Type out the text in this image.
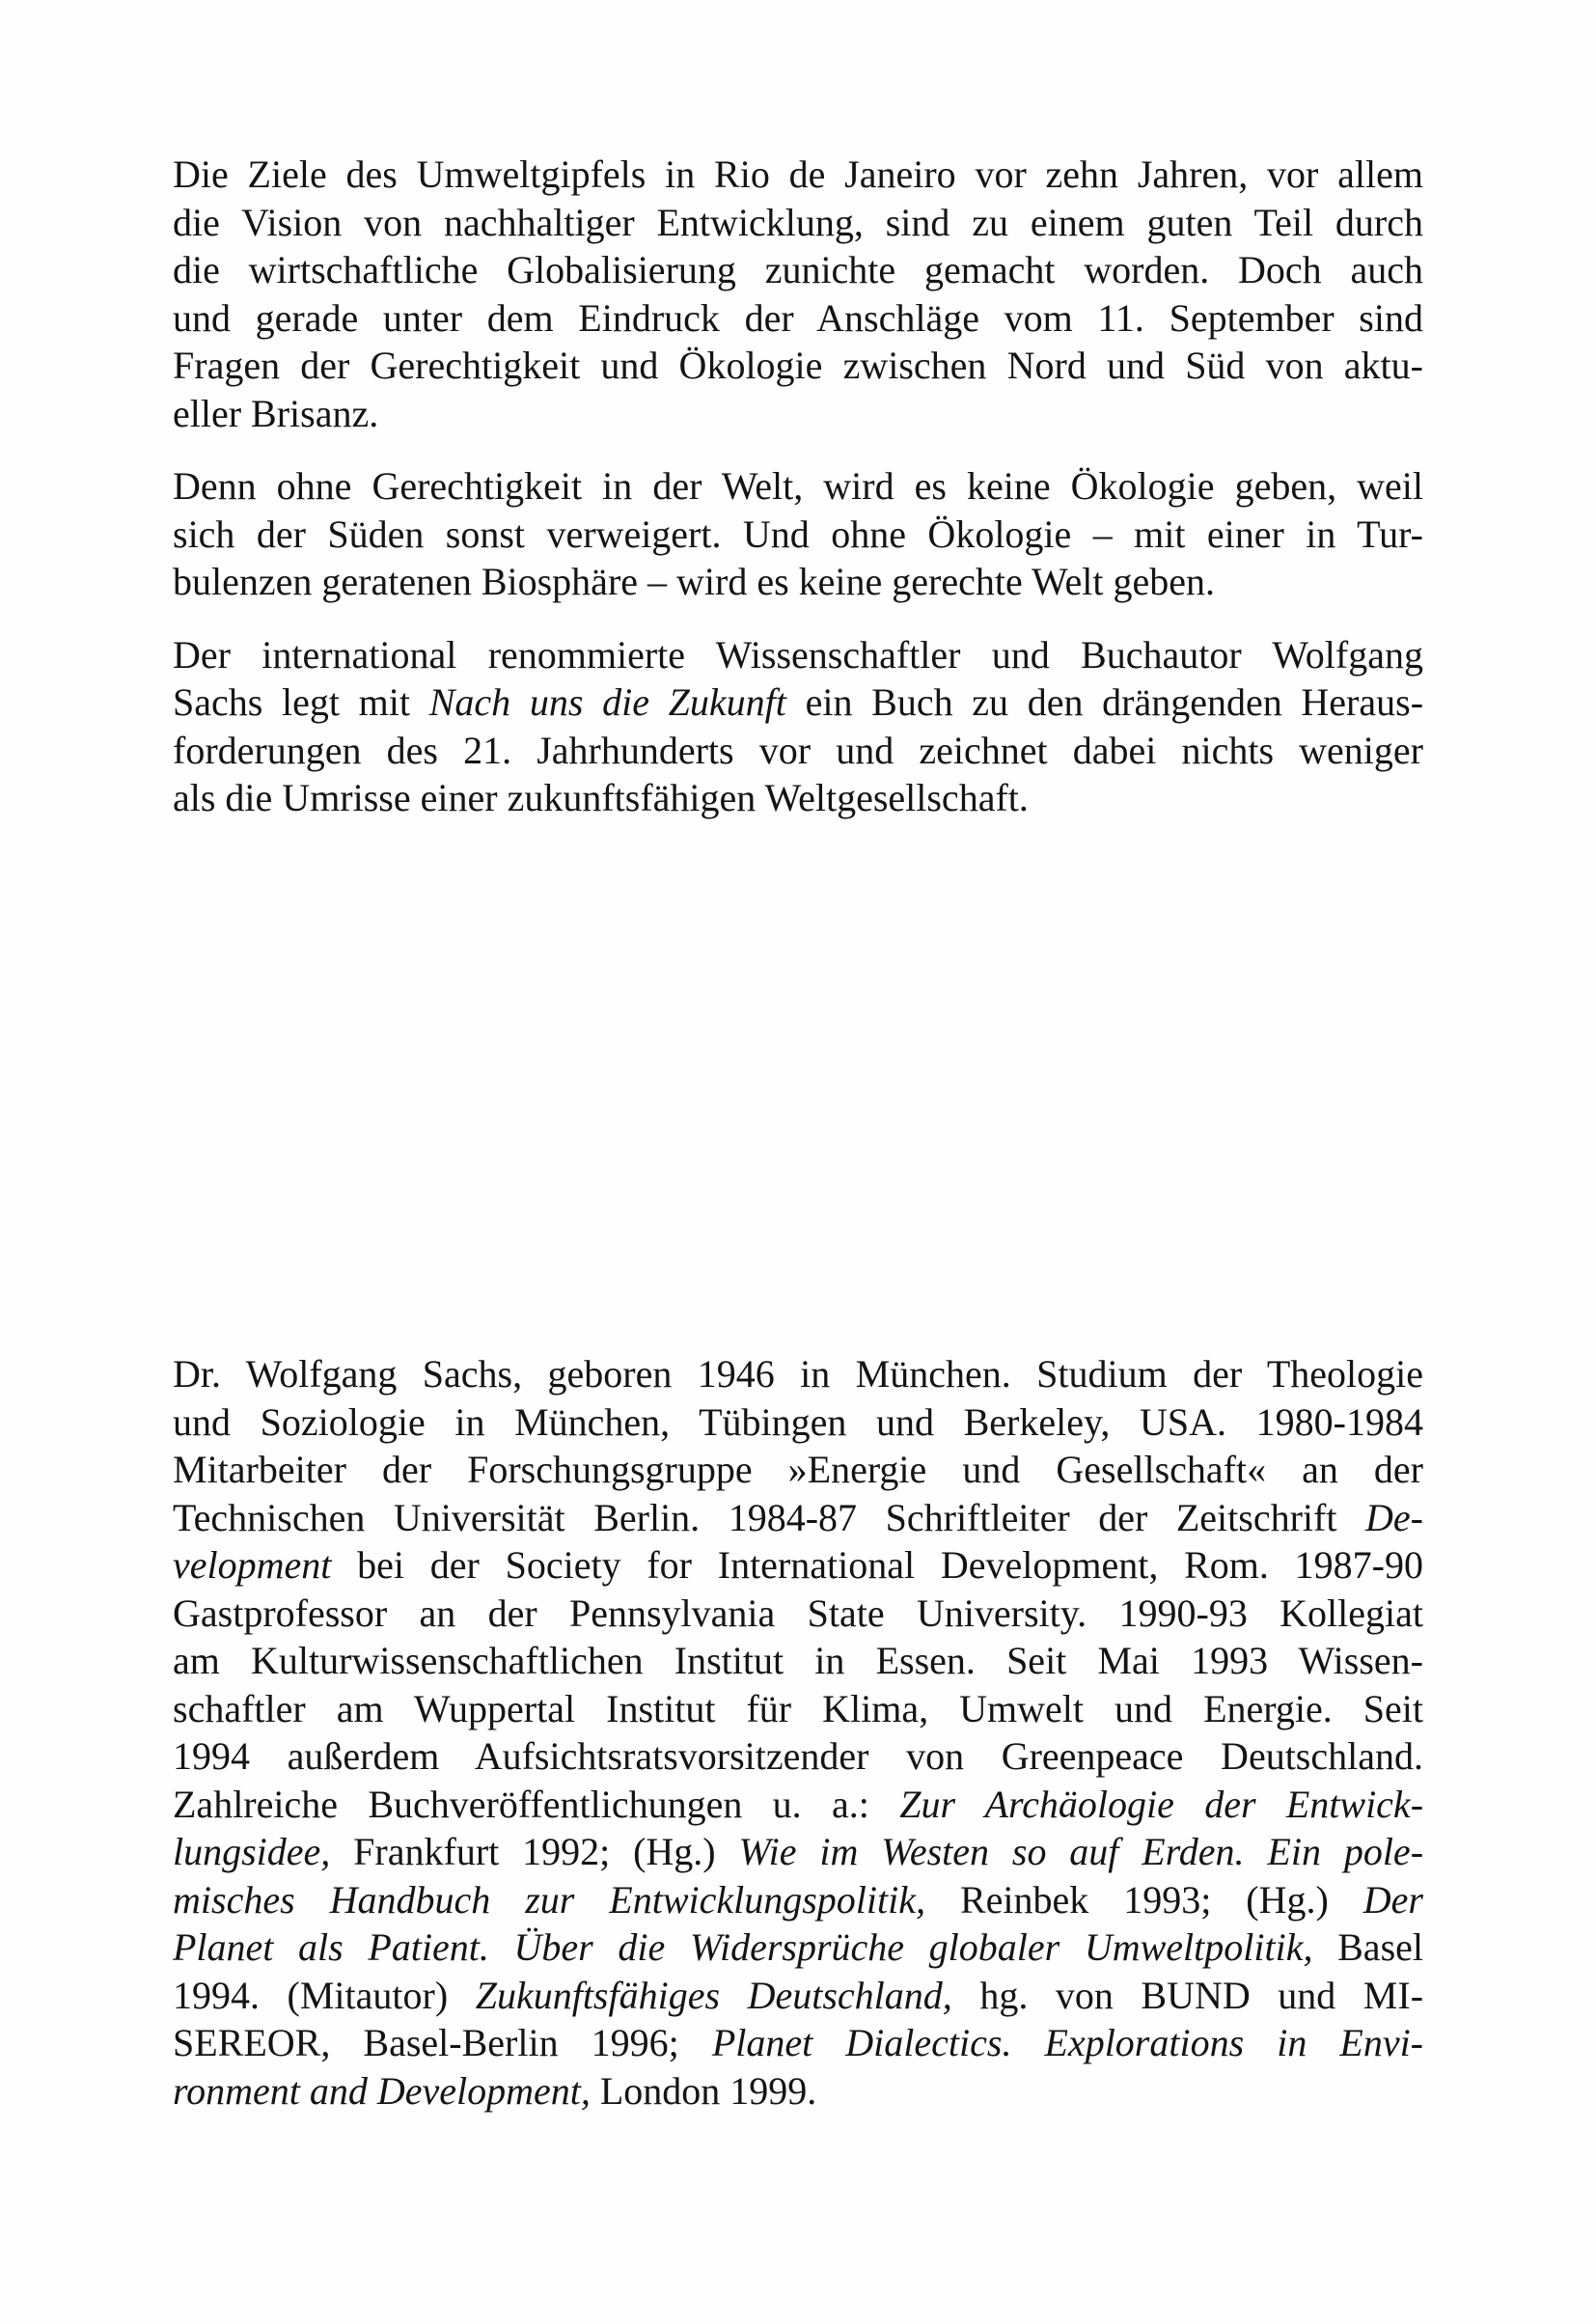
Die Ziele des Umweltgipfels in Rio de Janeiro vor zehn Jahren, vor allem
die Vision von nachhaltiger Entwicklung, sind zu einem guten Teil durch
die wirtschaftliche Globalisierung zunichte gemacht worden. Doch auch
und gerade unter dem Eindruck der Anschläge vom 11. September sind
Fragen der Gerechtigkeit und Ökologie zwischen Nord und Süd von aktu-
eller Brisanz.
Denn ohne Gerechtigkeit in der Welt, wird es keine Ökologie geben, weil
sich der Süden sonst verweigert. Und ohne Ökologie – mit einer in Tur-
bulenzen geratenen Biosphäre – wird es keine gerechte Welt geben.
Der international renommierte Wissenschaftler und Buchautor Wolfgang
Sachs legt mit Nach uns die Zukunft ein Buch zu den drängenden Heraus-
forderungen des 21. Jahrhunderts vor und zeichnet dabei nichts weniger
als die Umrisse einer zukunftsfähigen Weltgesellschaft.
Dr. Wolfgang Sachs, geboren 1946 in München. Studium der Theologie
und Soziologie in München, Tübingen und Berkeley, USA. 1980-1984
Mitarbeiter der Forschungsgruppe »Energie und Gesellschaft« an der
Technischen Universität Berlin. 1984-87 Schriftleiter der Zeitschrift De-
velopment bei der Society for International Development, Rom. 1987-90
Gastprofessor an der Pennsylvania State University. 1990-93 Kollegiat
am Kulturwissenschaftlichen Institut in Essen. Seit Mai 1993 Wissen-
schaftler am Wuppertal Institut für Klima, Umwelt und Energie. Seit
1994 außerdem Aufsichtsratsvorsitzender von Greenpeace Deutschland.
Zahlreiche Buchveröffentlichungen u. a.: Zur Archäologie der Entwick-
lungsidee, Frankfurt 1992; (Hg.) Wie im Westen so auf Erden. Ein pole-
misches Handbuch zur Entwicklungspolitik, Reinbek 1993; (Hg.) Der
Planet als Patient. Über die Widersprüche globaler Umweltpolitik, Basel
1994. (Mitautor) Zukunftsfähiges Deutschland, hg. von BUND und MI-
SEREOR, Basel-Berlin 1996; Planet Dialectics. Explorations in Envi-
ronment and Development, London 1999.
